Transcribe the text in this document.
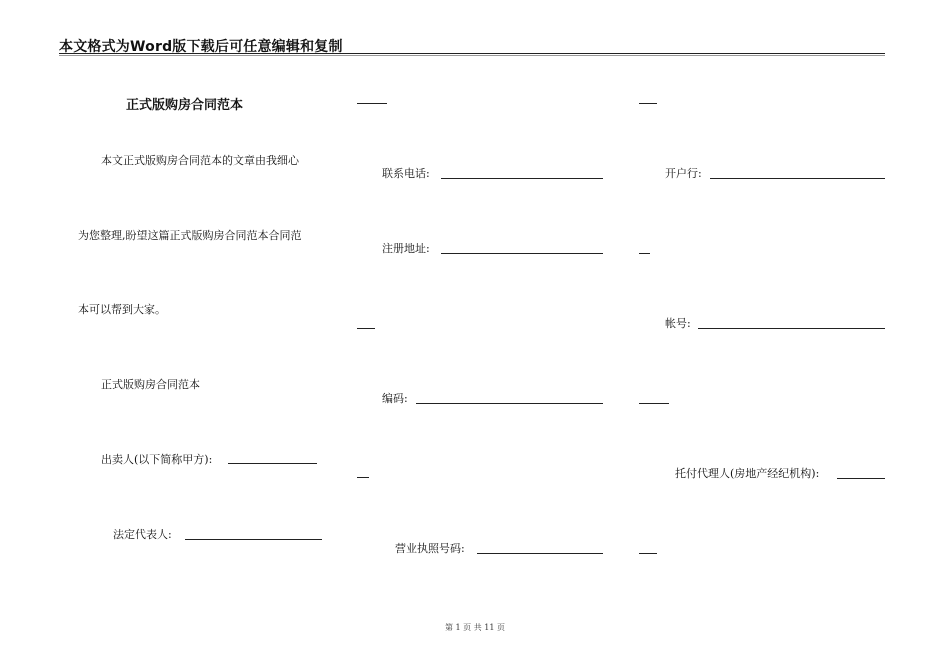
本文格式为Word版下载后可任意编辑和复制
正式版购房合同范本
本文正式版购房合同范本的文章由我细心
为您整理,盼望这篇正式版购房合同范本合同范
本可以帮到大家。
正式版购房合同范本
出卖人(以下简称甲方):
法定代表人:
联系电话:
注册地址:
编码:
营业执照号码:
开户行:
帐号:
托付代理人(房地产经纪机构):
第 1 页 共 11 页
